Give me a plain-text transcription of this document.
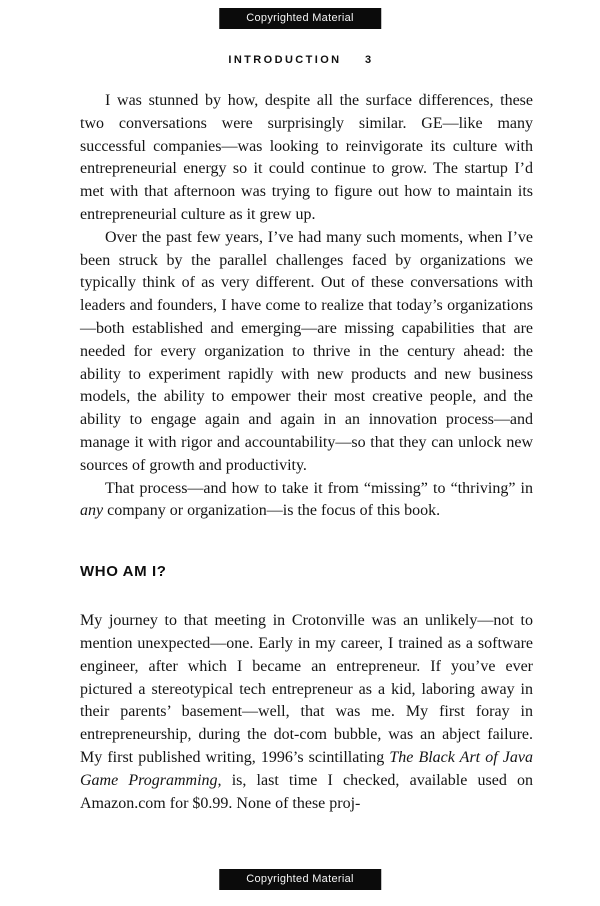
Copyrighted Material
INTRODUCTION 3

I was stunned by how, despite all the surface differences, these two conversations were surprisingly similar. GE—like many successful companies—was looking to reinvigorate its culture with entrepreneurial energy so it could continue to grow. The startup I’d met with that afternoon was trying to figure out how to maintain its entrepreneurial culture as it grew up.

Over the past few years, I’ve had many such moments, when I’ve been struck by the parallel challenges faced by organizations we typically think of as very different. Out of these conversations with leaders and founders, I have come to realize that today’s organizations—both established and emerging—are missing capabilities that are needed for every organization to thrive in the century ahead: the ability to experiment rapidly with new products and new business models, the ability to empower their most creative people, and the ability to engage again and again in an innovation process—and manage it with rigor and accountability—so that they can unlock new sources of growth and productivity.

That process—and how to take it from “missing” to “thriving” in any company or organization—is the focus of this book.

WHO AM I?

My journey to that meeting in Crotonville was an unlikely—not to mention unexpected—one. Early in my career, I trained as a software engineer, after which I became an entrepreneur. If you’ve ever pictured a stereotypical tech entrepreneur as a kid, laboring away in their parents’ basement—well, that was me. My first foray in entrepreneurship, during the dot-com bubble, was an abject failure. My first published writing, 1996’s scintillating The Black Art of Java Game Programming, is, last time I checked, available used on Amazon.com for $0.99. None of these proj-

Copyrighted Material
